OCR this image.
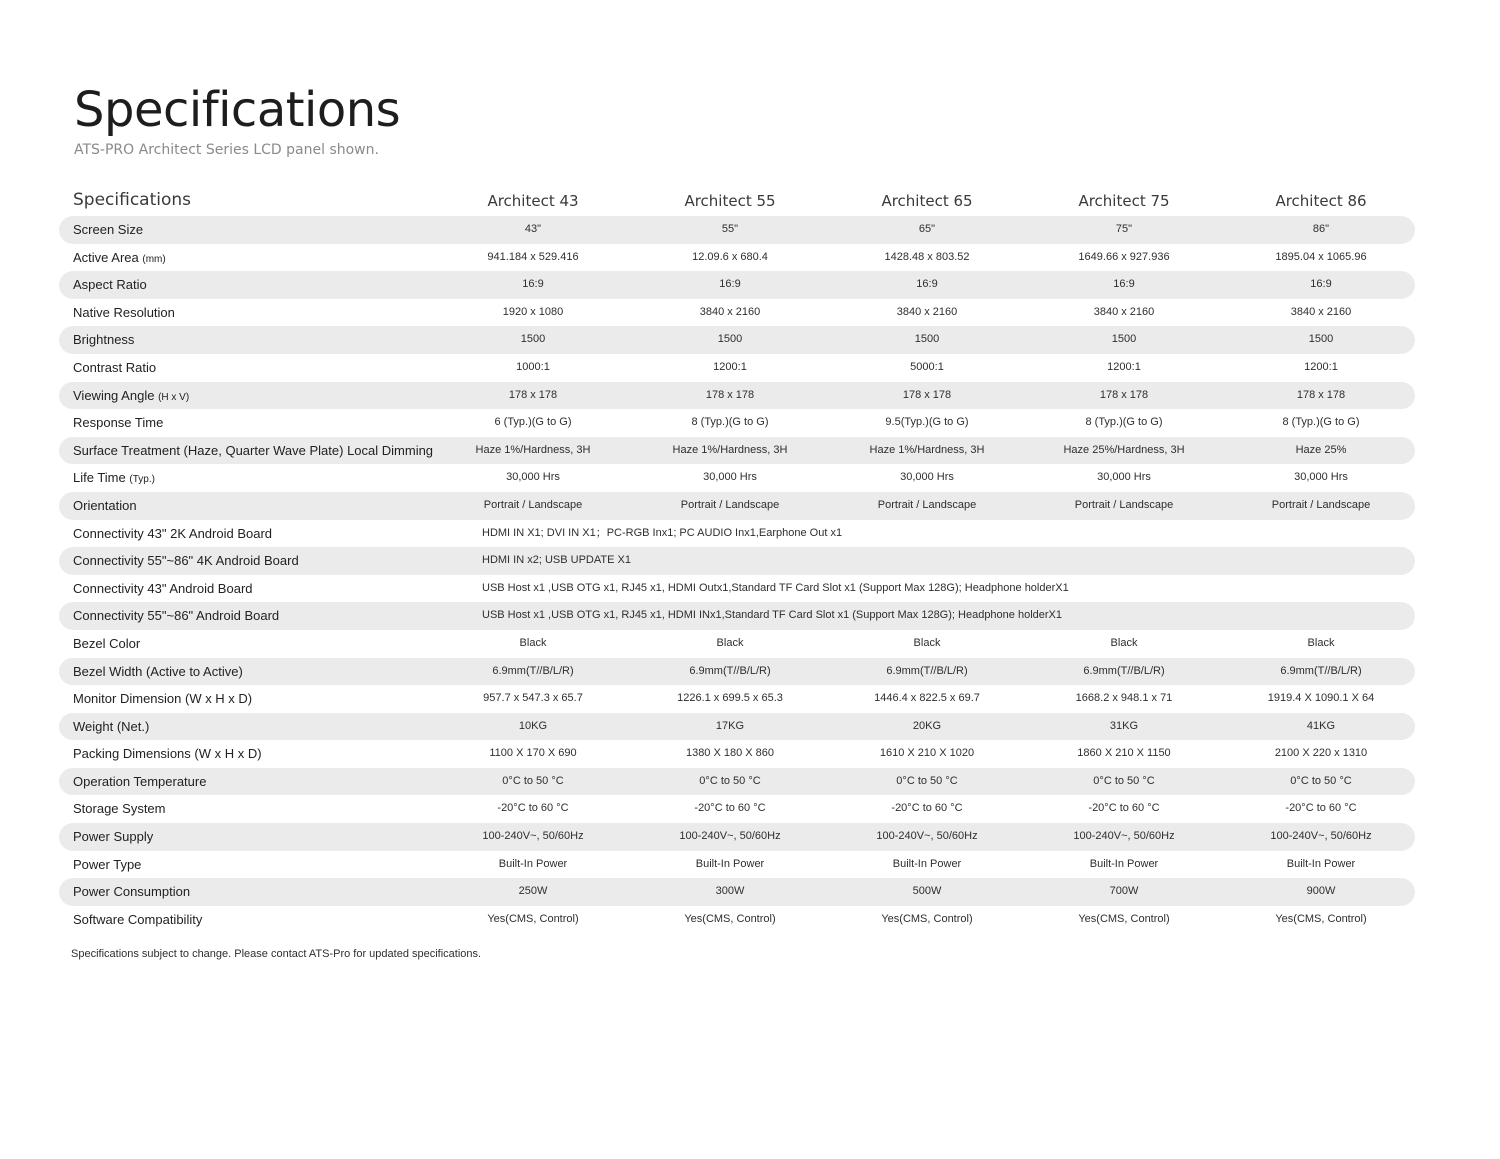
Specifications

ATS-PRO Architect Series LCD panel shown.

Specifications	Architect 43	Architect 55	Architect 65	Architect 75	Architect 86
Screen Size	43"	55"	65"	75"	86"
Active Area (mm)	941.184 x 529.416	12.09.6 x 680.4	1428.48 x 803.52	1649.66 x 927.936	1895.04 x 1065.96
Aspect Ratio	16:9	16:9	16:9	16:9	16:9
Native Resolution	1920 x 1080	3840 x 2160	3840 x 2160	3840 x 2160	3840 x 2160
Brightness	1500	1500	1500	1500	1500
Contrast Ratio	1000:1	1200:1	5000:1	1200:1	1200:1
Viewing Angle (H x V)	178 x 178	178 x 178	178 x 178	178 x 178	178 x 178
Response Time	6 (Typ.)(G to G)	8 (Typ.)(G to G)	9.5(Typ.)(G to G)	8 (Typ.)(G to G)	8 (Typ.)(G to G)
Surface Treatment (Haze, Quarter Wave Plate) Local Dimming	Haze 1%/Hardness, 3H	Haze 1%/Hardness, 3H	Haze 1%/Hardness, 3H	Haze 25%/Hardness, 3H	Haze 25%
Life Time (Typ.)	30,000 Hrs	30,000 Hrs	30,000 Hrs	30,000 Hrs	30,000 Hrs
Orientation	Portrait / Landscape	Portrait / Landscape	Portrait / Landscape	Portrait / Landscape	Portrait / Landscape
Connectivity 43" 2K Android Board	HDMI IN X1; DVI IN X1；PC-RGB Inx1; PC AUDIO Inx1,Earphone Out x1
Connectivity 55"~86" 4K Android Board	HDMI IN x2; USB UPDATE X1
Connectivity 43" Android Board	USB Host x1 ,USB OTG x1, RJ45 x1, HDMI Outx1,Standard TF Card Slot x1 (Support Max 128G); Headphone holderX1
Connectivity 55"~86" Android Board	USB Host x1 ,USB OTG x1, RJ45 x1, HDMI INx1,Standard TF Card Slot x1 (Support Max 128G); Headphone holderX1
Bezel Color	Black	Black	Black	Black	Black
Bezel Width (Active to Active)	6.9mm(T//B/L/R)	6.9mm(T//B/L/R)	6.9mm(T//B/L/R)	6.9mm(T//B/L/R)	6.9mm(T//B/L/R)
Monitor Dimension (W x H x D)	957.7 x 547.3 x 65.7	1226.1 x 699.5 x 65.3	1446.4 x 822.5 x 69.7	1668.2 x 948.1 x 71	1919.4 X 1090.1 X 64
Weight (Net.)	10KG	17KG	20KG	31KG	41KG
Packing Dimensions (W x H x D)	1100 X 170 X 690	1380 X 180 X 860	1610 X 210 X 1020	1860 X 210 X 1150	2100 X 220 x 1310
Operation Temperature	0°C to 50 °C	0°C to 50 °C	0°C to 50 °C	0°C to 50 °C	0°C to 50 °C
Storage System	-20°C to 60 °C	-20°C to 60 °C	-20°C to 60 °C	-20°C to 60 °C	-20°C to 60 °C
Power Supply	100-240V~, 50/60Hz	100-240V~, 50/60Hz	100-240V~, 50/60Hz	100-240V~, 50/60Hz	100-240V~, 50/60Hz
Power Type	Built-In Power	Built-In Power	Built-In Power	Built-In Power	Built-In Power
Power Consumption	250W	300W	500W	700W	900W
Software Compatibility	Yes(CMS, Control)	Yes(CMS, Control)	Yes(CMS, Control)	Yes(CMS, Control)	Yes(CMS, Control)

Specifications subject to change. Please contact ATS-Pro for updated specifications.
